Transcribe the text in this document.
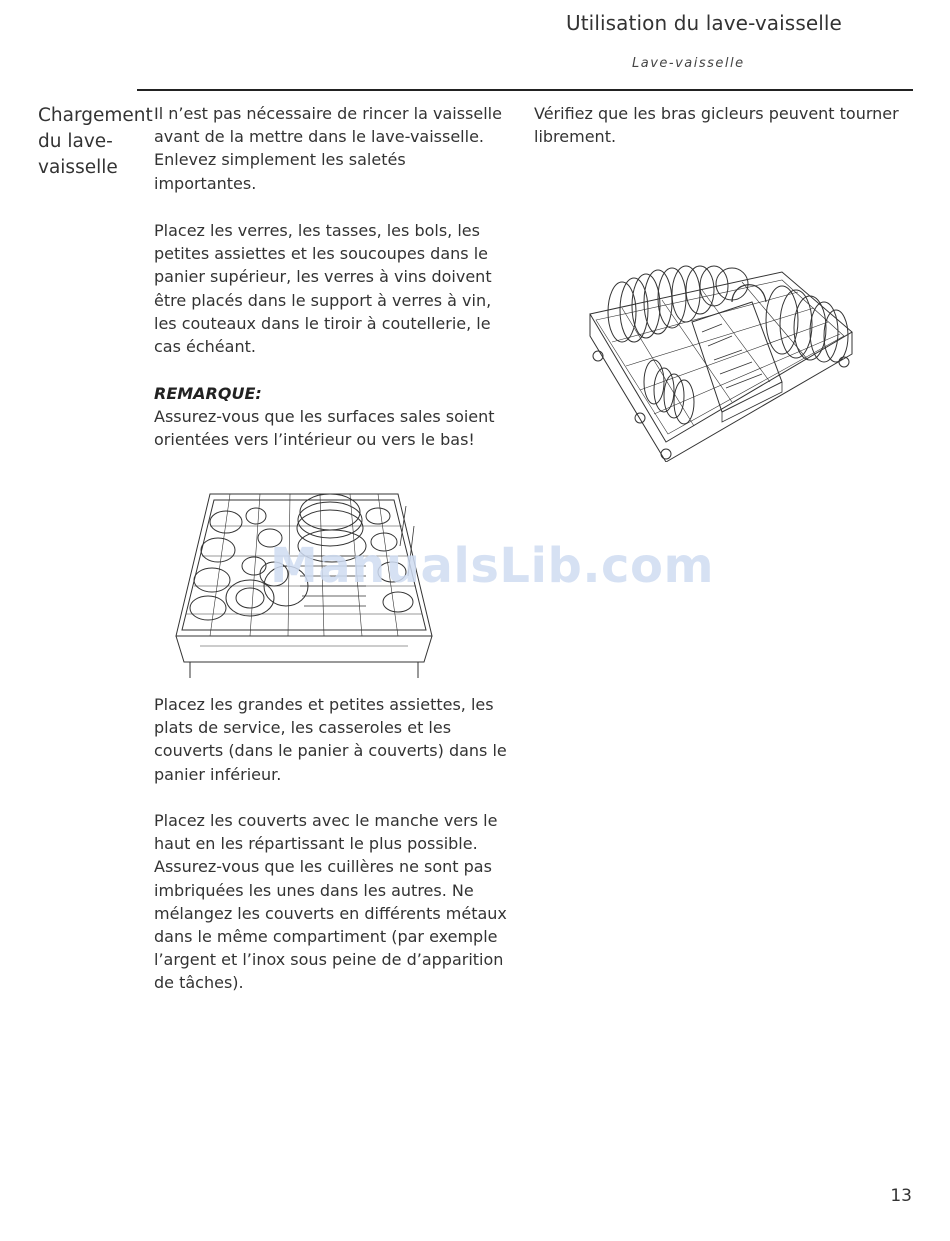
Utilisation du lave-vaisselle
Lave-vaisselle
Chargement du lave-vaisselle

Il n’est pas nécessaire de rincer la vaisselle avant de la mettre dans le lave-vaisselle. Enlevez simplement les saletés importantes.

Placez les verres, les tasses, les bols, les petites assiettes et les soucoupes dans le panier supérieur, les verres à vins doivent être placés dans le support à verres à vin, les couteaux dans le tiroir à coutellerie, le cas échéant.

REMARQUE:

Assurez-vous que les surfaces sales soient orientées vers l’intérieur ou vers le bas!

ManualsLib.com

Placez les grandes et petites assiettes, les plats de service, les casseroles et les couverts (dans le panier à couverts) dans le panier inférieur.

Placez les couverts avec le manche vers le haut en les répartissant le plus possible. Assurez-vous que les cuillères ne sont pas imbriquées les unes dans les autres. Ne mélangez les couverts en différents métaux dans le même compartiment (par exemple l’argent et l’inox sous peine de d’apparition de tâches).

Vérifiez que les bras gicleurs peuvent tourner librement.

13
